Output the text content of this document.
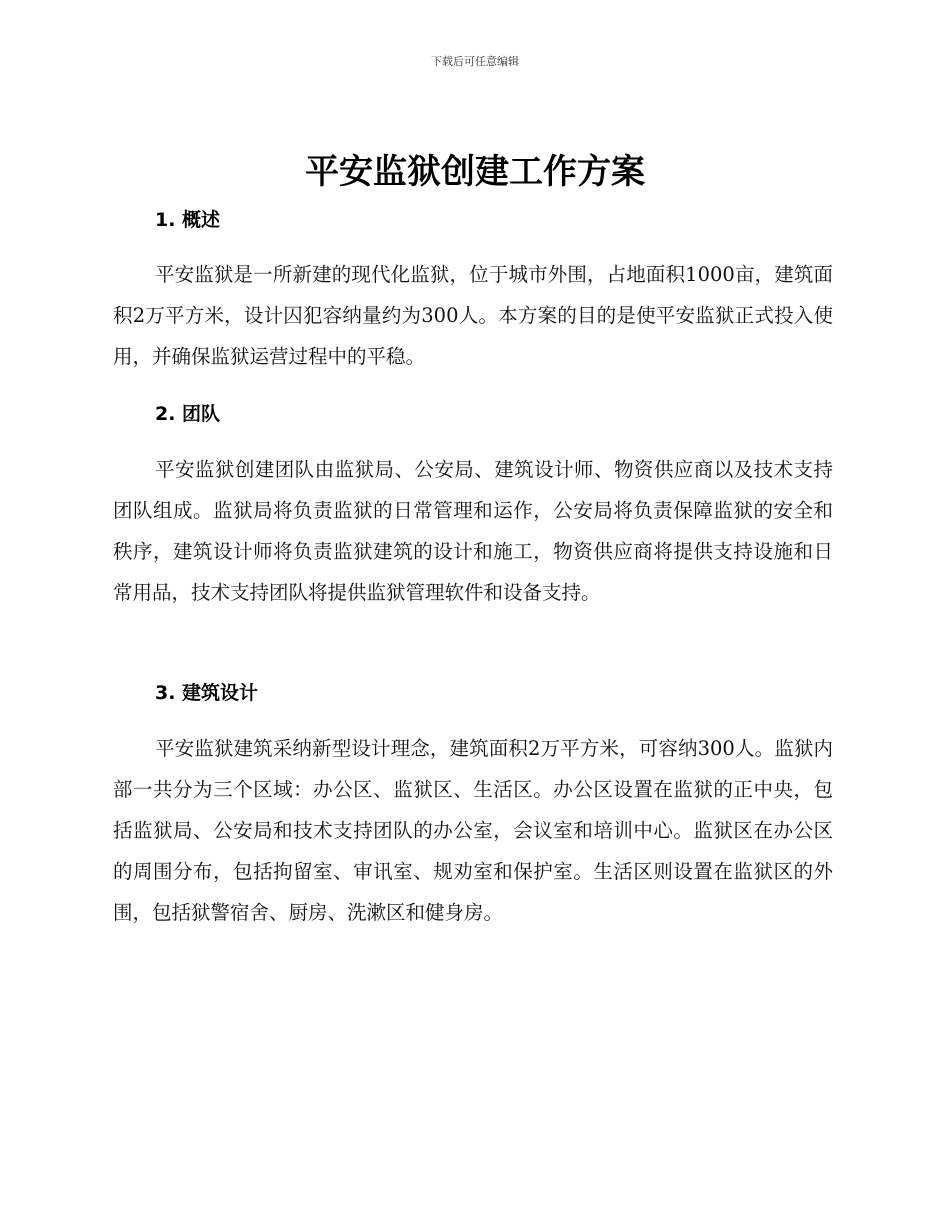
下载后可任意编辑
平安监狱创建工作方案
1. 概述

平安监狱是一所新建的现代化监狱，位于城市外围，占地面积1000亩，建筑面积2万平方米，设计囚犯容纳量约为300人。本方案的目的是使平安监狱正式投入使用，并确保监狱运营过程中的平稳。

2. 团队

平安监狱创建团队由监狱局、公安局、建筑设计师、物资供应商以及技术支持团队组成。监狱局将负责监狱的日常管理和运作，公安局将负责保障监狱的安全和秩序，建筑设计师将负责监狱建筑的设计和施工，物资供应商将提供支持设施和日常用品，技术支持团队将提供监狱管理软件和设备支持。

3. 建筑设计

平安监狱建筑采纳新型设计理念，建筑面积2万平方米，可容纳300人。监狱内部一共分为三个区域：办公区、监狱区、生活区。办公区设置在监狱的正中央，包括监狱局、公安局和技术支持团队的办公室，会议室和培训中心。监狱区在办公区的周围分布，包括拘留室、审讯室、规劝室和保护室。生活区则设置在监狱区的外围，包括狱警宿舍、厨房、洗漱区和健身房。
